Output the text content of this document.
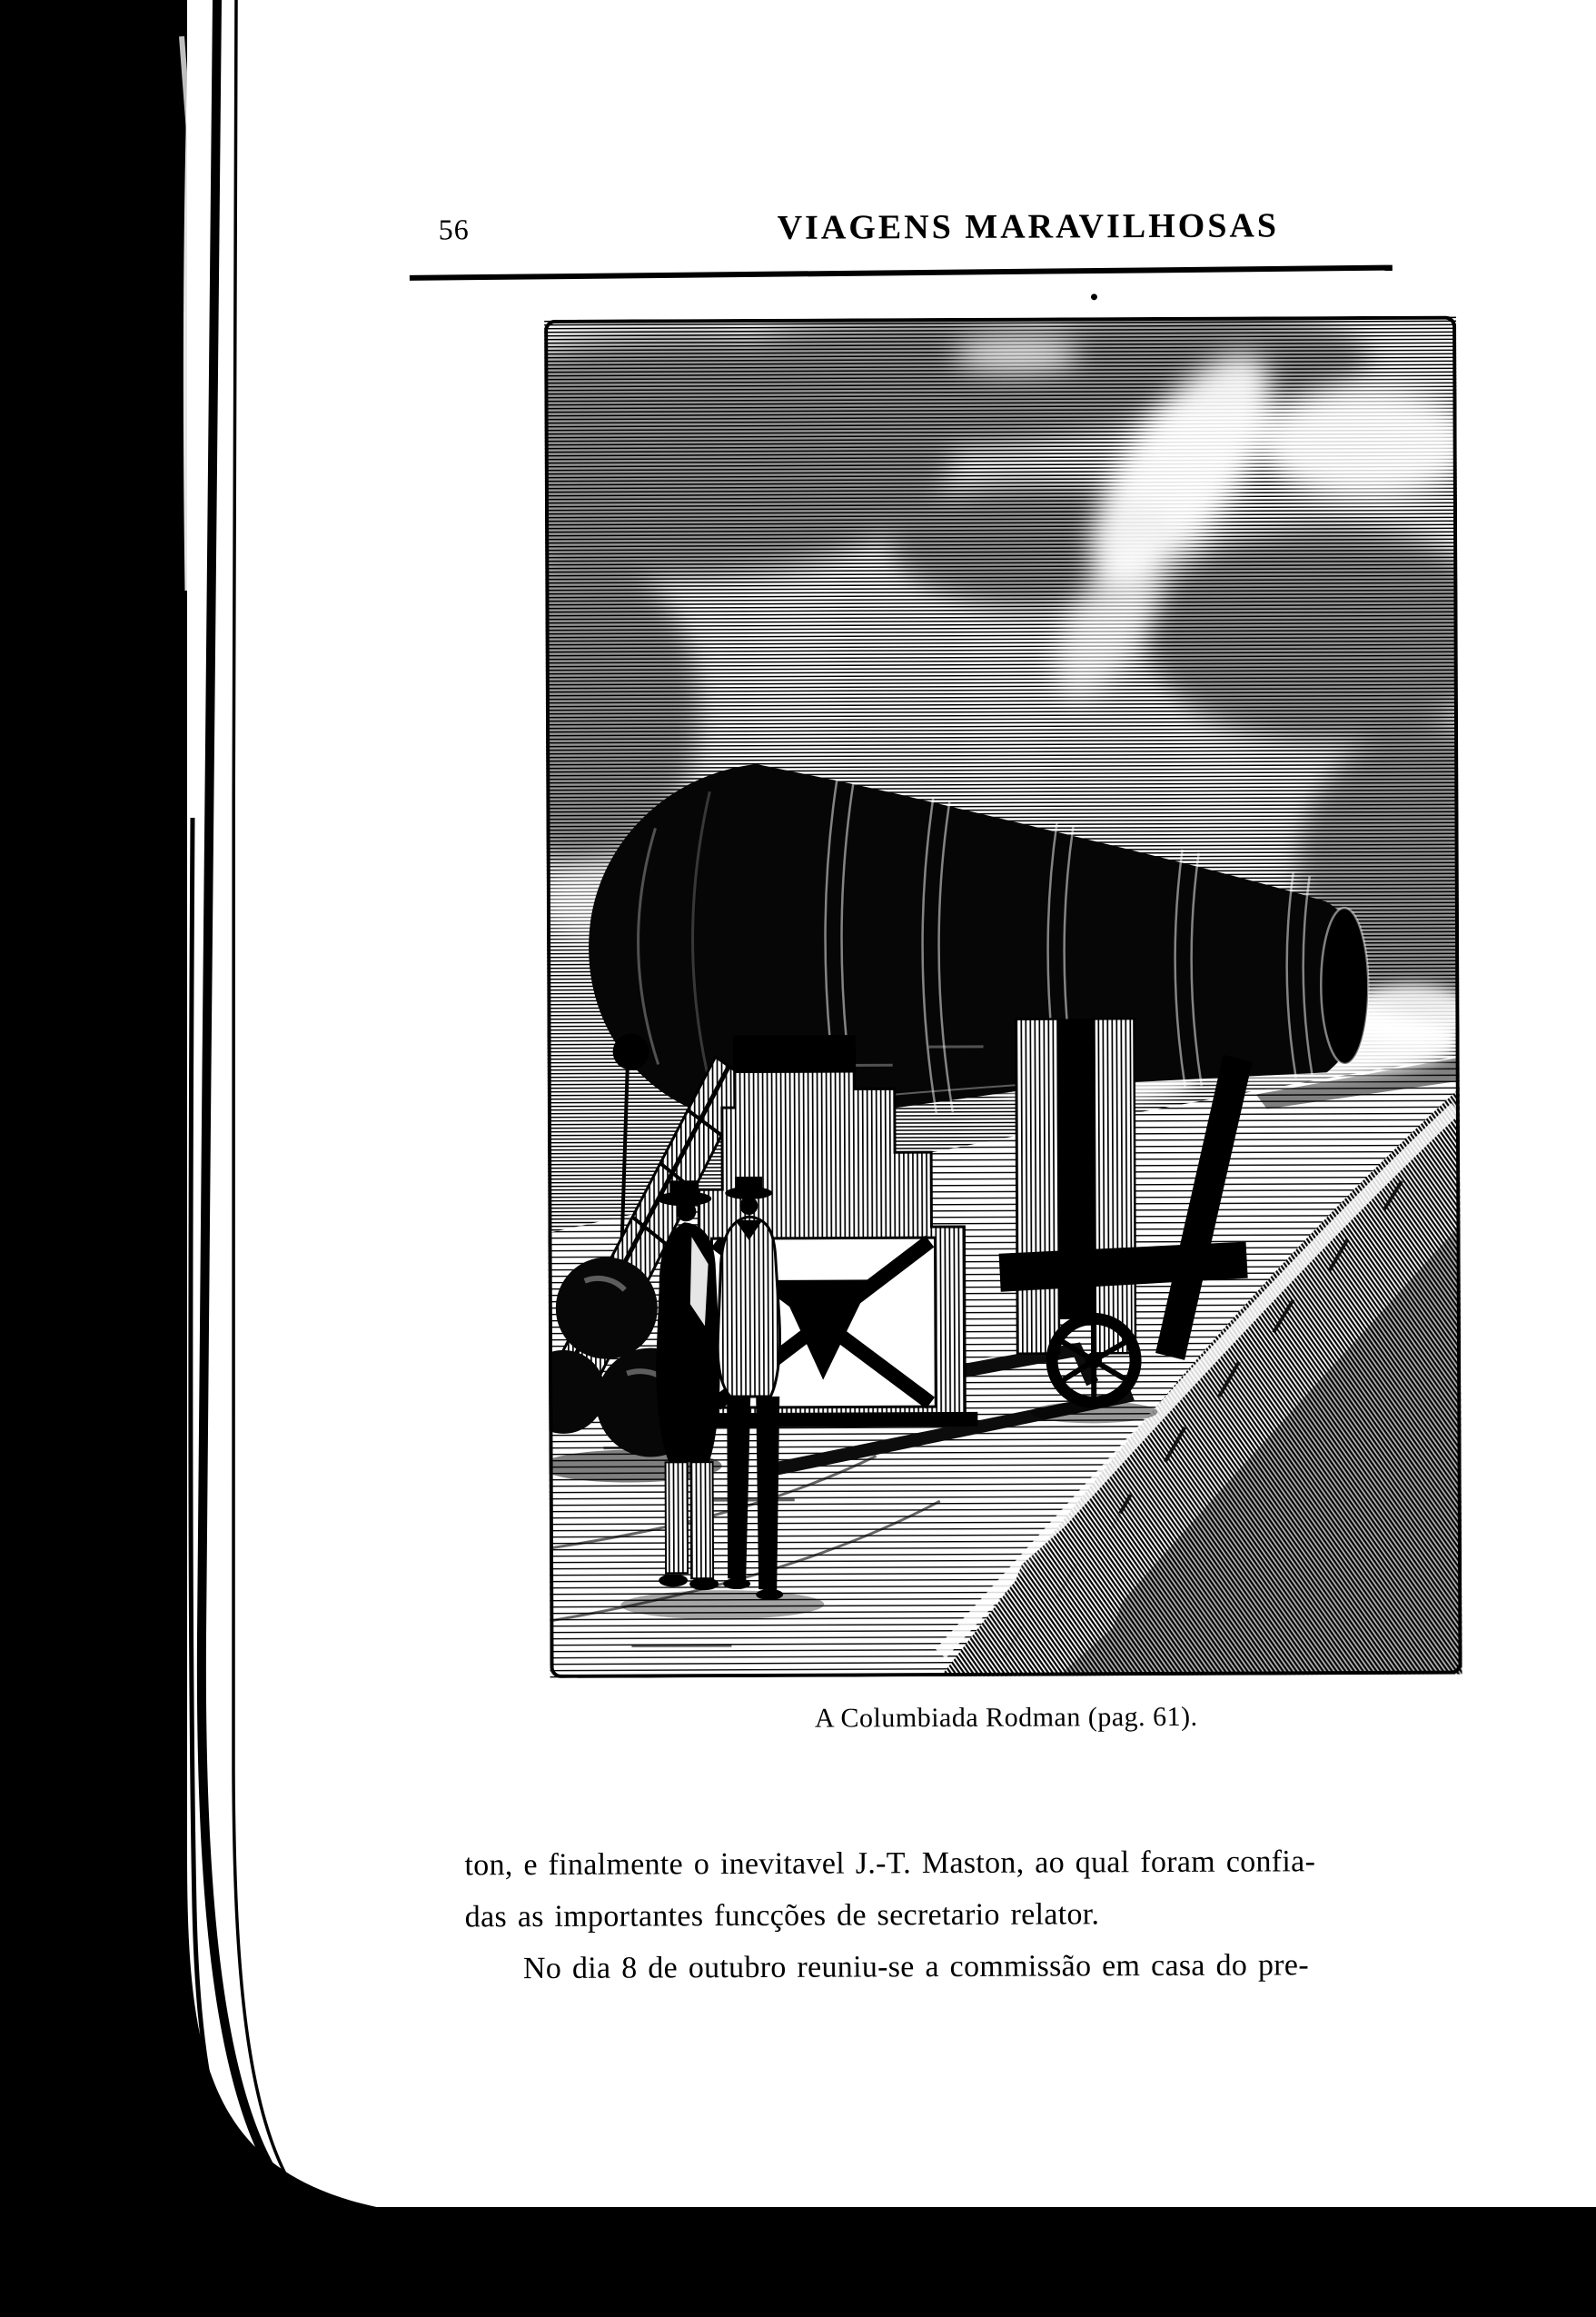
56	VIAGENS MARAVILHOSAS
A Columbiada Rodman (pag. 61).
ton, e finalmente o inevitavel J.-T. Maston, ao qual foram confia-
das as importantes funcções de secretario relator.
No dia 8 de outubro reuniu-se a commissão em casa do pre-
